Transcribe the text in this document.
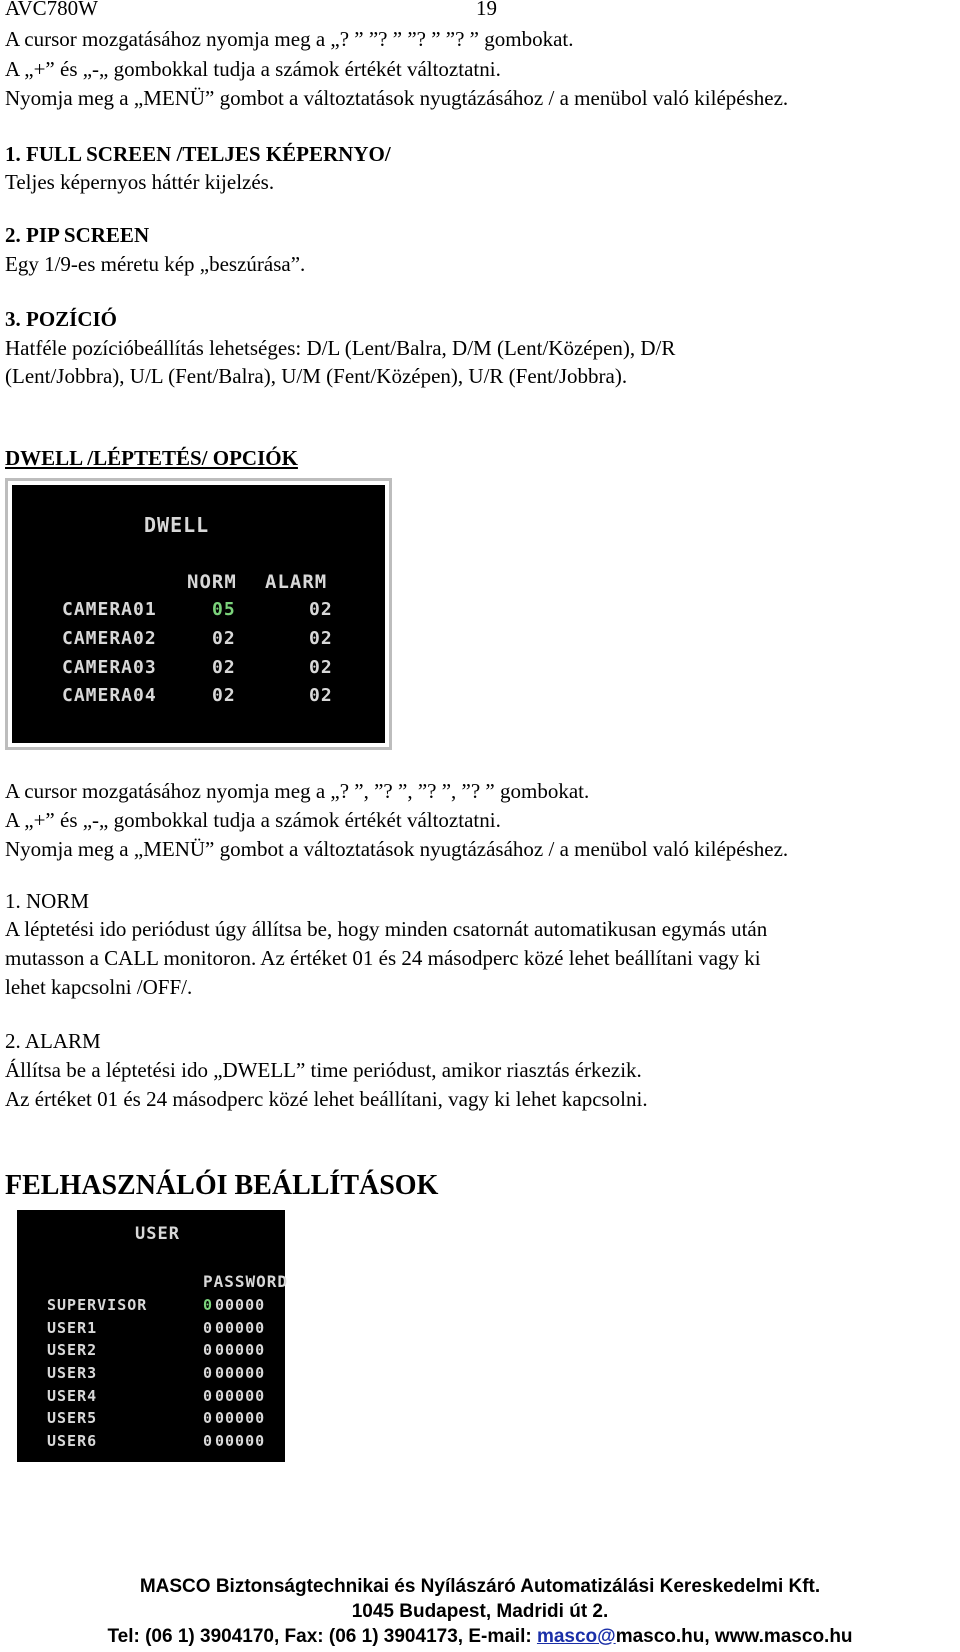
AVC780W	19
A cursor mozgatásához nyomja meg a „? ” ”? ” ”? ” ”? ” gombokat.
A „+” és „-„ gombokkal tudja a számok értékét változtatni.
Nyomja meg a „MENÜ” gombot a változtatások nyugtázásához / a menübol való kilépéshez.
1. FULL SCREEN /TELJES KÉPERNYO/
Teljes képernyos háttér kijelzés.
2. PIP SCREEN
Egy 1/9-es méretu kép „beszúrása”.
3. POZÍCIÓ
Hatféle pozícióbeállítás lehetséges: D/L (Lent/Balra, D/M (Lent/Középen), D/R
(Lent/Jobbra), U/L (Fent/Balra), U/M (Fent/Középen), U/R (Fent/Jobbra).
DWELL /LÉPTETÉS/ OPCIÓK
DWELL
NORM ALARM
CAMERA01	05	02
CAMERA02	02	02
CAMERA03	02	02
CAMERA04	02	02
A cursor mozgatásához nyomja meg a „? ”, ”? ”, ”? ”, ”? ” gombokat.
A „+” és „-„ gombokkal tudja a számok értékét változtatni.
Nyomja meg a „MENÜ” gombot a változtatások nyugtázásához / a menübol való kilépéshez.
1. NORM
A léptetési ido periódust úgy állítsa be, hogy minden csatornát automatikusan egymás után
mutasson a CALL monitoron. Az értéket 01 és 24 másodperc közé lehet beállítani vagy ki
lehet kapcsolni /OFF/.
2. ALARM
Állítsa be a léptetési ido „DWELL” time periódust, amikor riasztás érkezik.
Az értéket 01 és 24 másodperc közé lehet beállítani, vagy ki lehet kapcsolni.
FELHASZNÁLÓI BEÁLLÍTÁSOK
USER
PASSWORD
SUPERVISOR	0 00000
USER1	0 00000
USER2	0 00000
USER3	0 00000
USER4	0 00000
USER5	0 00000
USER6	0 00000
MASCO Biztonságtechnikai és Nyílászáró Automatizálási Kereskedelmi Kft.
1045 Budapest, Madridi út 2.
Tel: (06 1) 3904170, Fax: (06 1) 3904173, E-mail: masco@masco.hu, www.masco.hu
